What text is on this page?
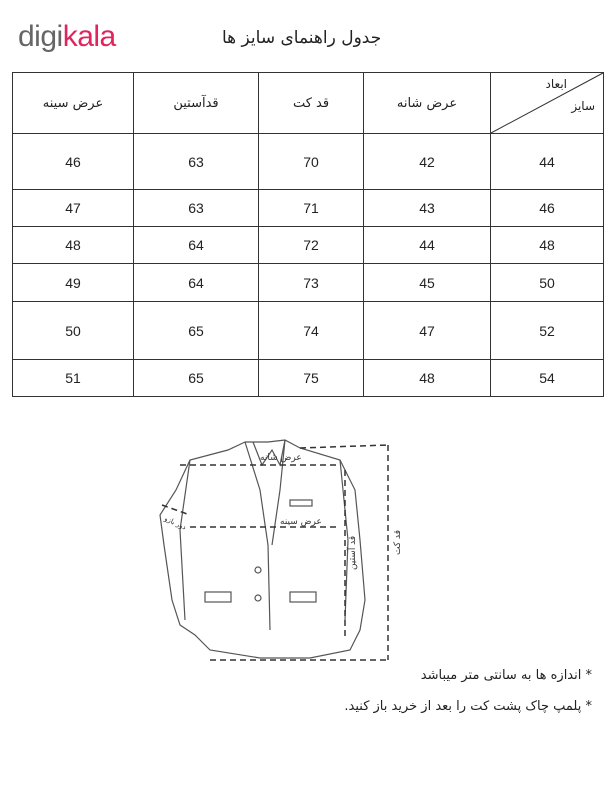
digikala	جدول راهنمای سایز ها
ابعاد
سایز	عرض شانه	قد کت	قدآستین	عرض سینه
44	42	70	63	46
46	43	71	63	47
48	44	72	64	48
50	45	73	64	49
52	47	74	65	50
54	48	75	65	51
عرض شانه
عرض سینه
قد آستین	قد کت
دور بازو
* اندازه ها به سانتی متر میباشد
* پلمپ چاک پشت کت را بعد از خرید باز کنید.
